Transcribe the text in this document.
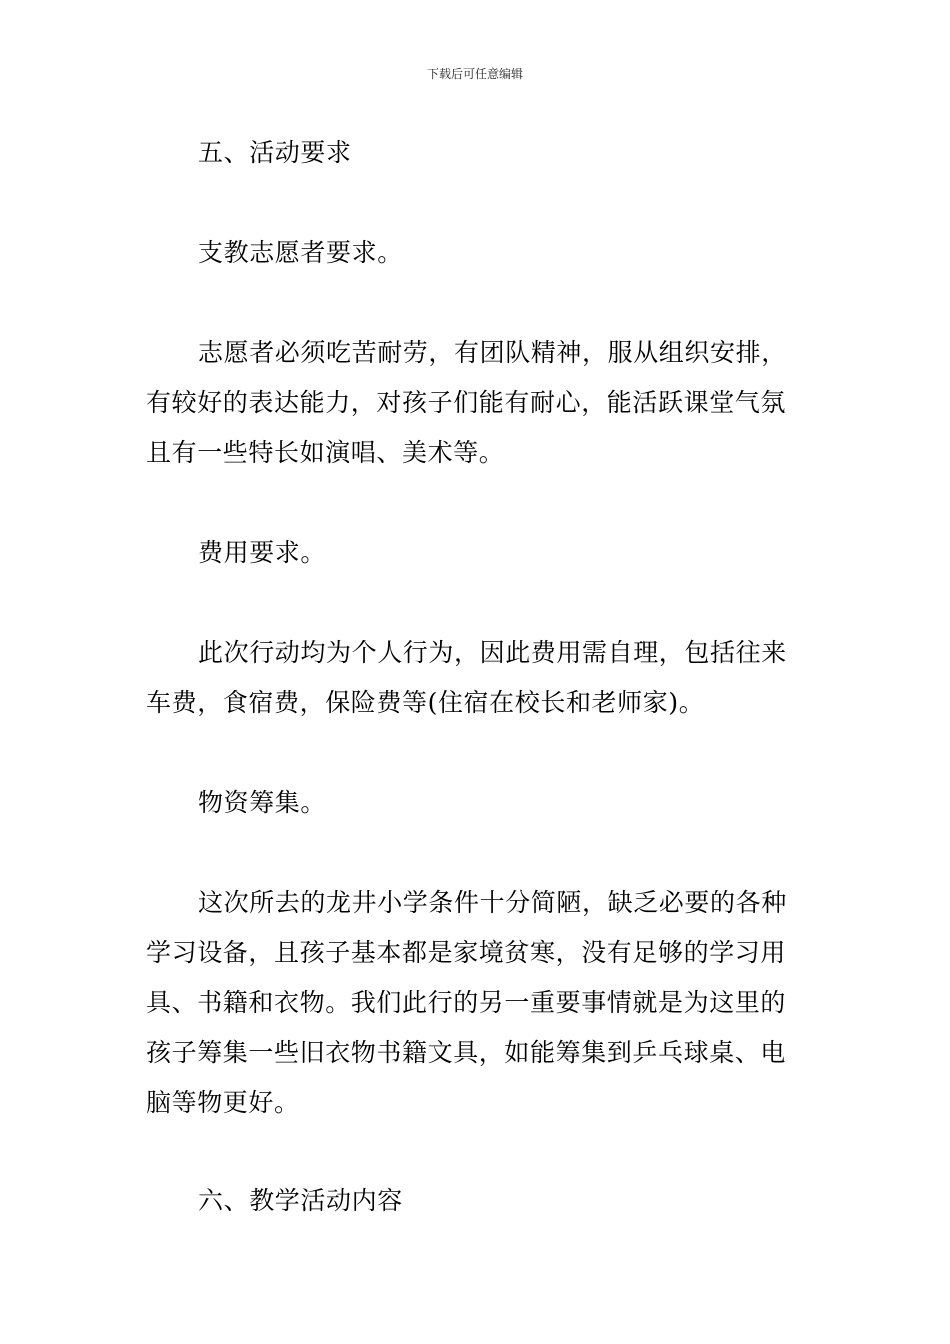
下载后可任意编辑

五、活动要求

支教志愿者要求。

志愿者必须吃苦耐劳，有团队精神，服从组织安排，有较好的表达能力，对孩子们能有耐心，能活跃课堂气氛且有一些特长如演唱、美术等。

费用要求。

此次行动均为个人行为，因此费用需自理，包括往来车费，食宿费，保险费等(住宿在校长和老师家)。

物资筹集。

这次所去的龙井小学条件十分简陋，缺乏必要的各种学习设备，且孩子基本都是家境贫寒，没有足够的学习用具、书籍和衣物。我们此行的另一重要事情就是为这里的孩子筹集一些旧衣物书籍文具，如能筹集到乒乓球桌、电脑等物更好。

六、教学活动内容
